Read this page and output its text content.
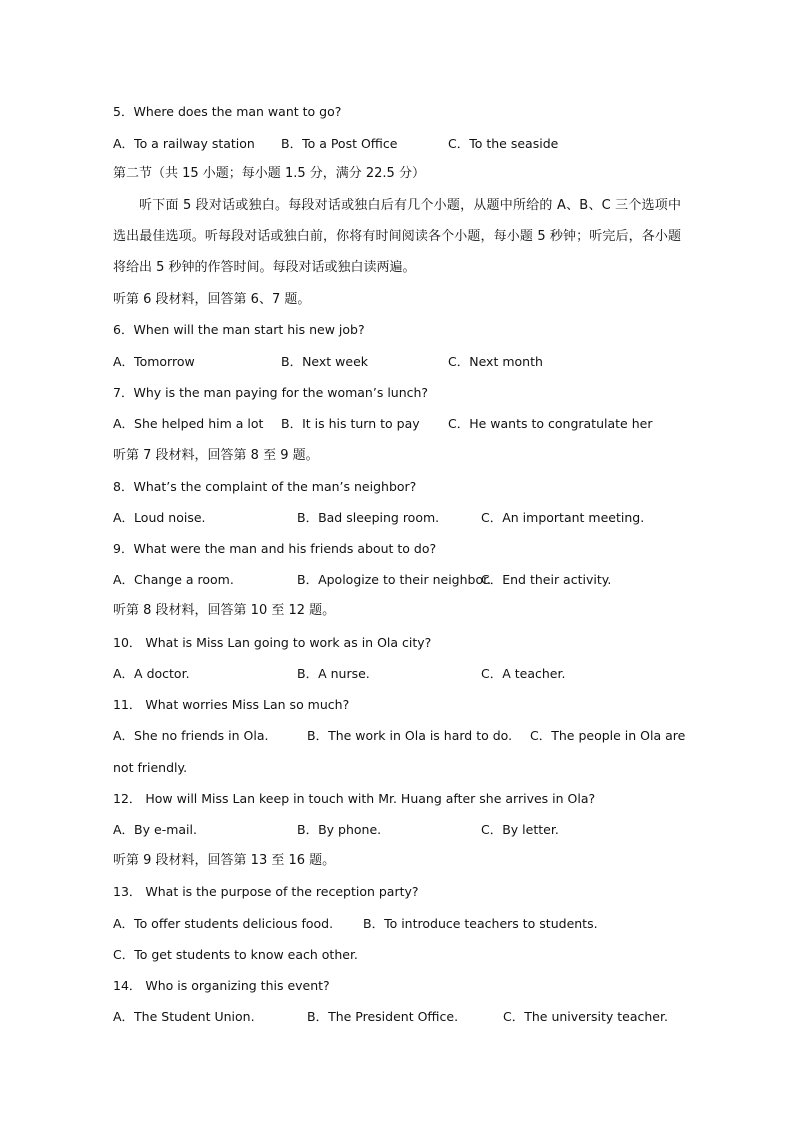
5．Where does the man want to go?
A．To a railway station B．To a Post Office	C．To the seaside
第二节（共 15 小题；每小题 1.5 分，满分 22.5 分）
听下面 5 段对话或独白。每段对话或独白后有几个小题，从题中所给的 A、B、C 三个选项中选出最佳选项。听每段对话或独白前，你将有时间阅读各个小题，每小题 5 秒钟；听完后，各小题将给出 5 秒钟的作答时间。每段对话或独白读两遍。
听第 6 段材料，回答第 6、7 题。
6．When will the man start his new job?
A．Tomorrow	B．Next week	C．Next month
7．Why is the man paying for the woman’s lunch?
A．She helped him a lot B．It is his turn to pay C．He wants to congratulate her
听第 7 段材料，回答第 8 至 9 题。
8．What’s the complaint of the man’s neighbor?
A．Loud noise.	B．Bad sleeping room.	C．An important meeting.
9．What were the man and his friends about to do?
A．Change a room.	B．Apologize to their neighbor.
C．End their activity.
听第 8 段材料，回答第 10 至 12 题。
10． What is Miss Lan going to work as in Ola city?
A．A doctor.	B．A nurse.	C．A teacher.
11． What worries Miss Lan so much?
A．She no friends in Ola.	B．The work in Ola is hard to do. C．The people in Ola are
not friendly.
12． How will Miss Lan keep in touch with Mr. Huang after she arrives in Ola?
A．By e-mail.	B．By phone.	C．By letter.
听第 9 段材料，回答第 13 至 16 题。
13． What is the purpose of the reception party?
A．To offer students delicious food. B．To introduce teachers to students.
C．To get students to know each other.
14． Who is organizing this event?
A．The Student Union.	B．The President Office.	C．The university teacher.
